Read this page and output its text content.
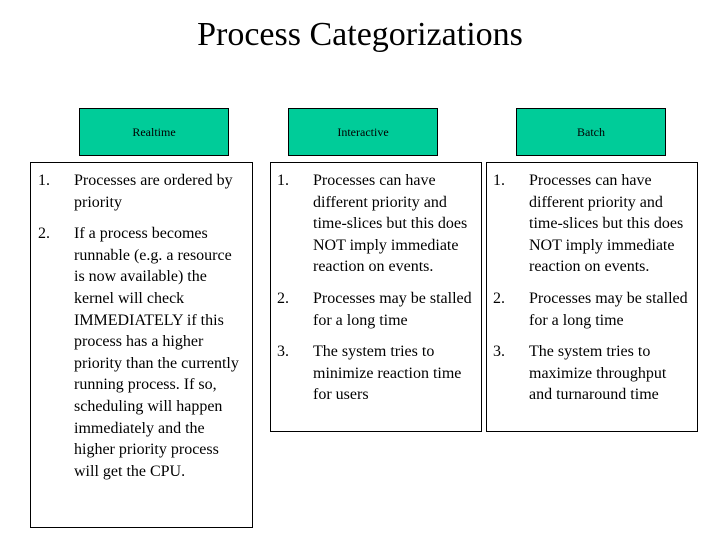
Process Categorizations
Realtime
1.	Processes are ordered by priority
2.	If a process becomes runnable (e.g. a resource is now available) the kernel will check IMMEDIATELY if this process has a higher priority than the currently running process. If so, scheduling will happen immediately and the higher priority process will get the CPU.
Interactive
1.	Processes can have different priority and time-slices but this does NOT imply immediate reaction on events.
2.	Processes may be stalled for a long time
3.	The system tries to minimize reaction time for users
Batch
1.	Processes can have different priority and time-slices but this does NOT imply immediate reaction on events.
2.	Processes may be stalled for a long time
3.	The system tries to maximize throughput and turnaround time
